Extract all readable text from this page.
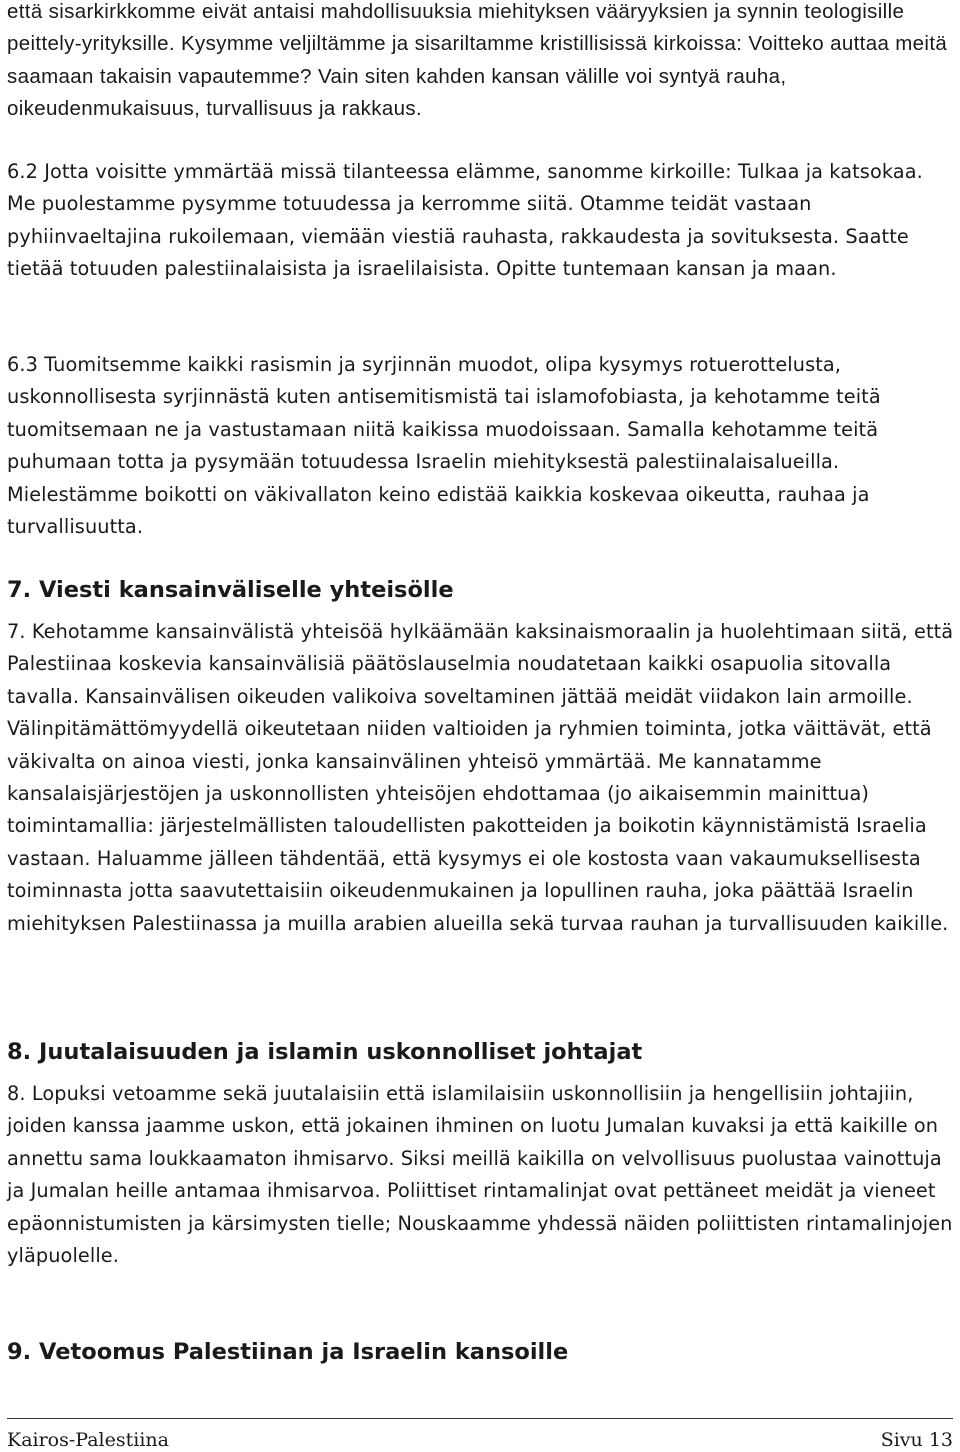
että sisarkirkkomme eivät antaisi mahdollisuuksia miehityksen vääryyksien ja synnin teologisille peittely-yrityksille. Kysymme veljiltämme ja sisariltamme kristillisissä kirkoissa: Voitteko auttaa meitä saamaan takaisin vapautemme? Vain siten kahden kansan välille voi syntyä rauha, oikeudenmukaisuus, turvallisuus ja rakkaus.

6.2 Jotta voisitte ymmärtää missä tilanteessa elämme, sanomme kirkoille: Tulkaa ja katsokaa. Me puolestamme pysymme totuudessa ja kerromme siitä. Otamme teidät vastaan pyhiinvaeltajina rukoilemaan, viemään viestiä rauhasta, rakkaudesta ja sovituksesta. Saatte tietää totuuden palestiinalaisista ja israelilaisista. Opitte tuntemaan kansan ja maan.

6.3 Tuomitsemme kaikki rasismin ja syrjinnän muodot, olipa kysymys rotuerottelusta, uskonnollisesta syrjinnästä kuten antisemitismistä tai islamofobiasta, ja kehotamme teitä tuomitsemaan ne ja vastustamaan niitä kaikissa muodoissaan. Samalla kehotamme teitä puhumaan totta ja pysymään totuudessa Israelin miehityksestä palestiinalaisalueilla. Mielestämme boikotti on väkivallaton keino edistää kaikkia koskevaa oikeutta, rauhaa ja turvallisuutta.

7. Viesti kansainväliselle yhteisölle

7. Kehotamme kansainvälistä yhteisöä hylkäämään kaksinaismoraalin ja huolehtimaan siitä, että Palestiinaa koskevia kansainvälisiä päätöslauselmia noudatetaan kaikki osapuolia sitovalla tavalla. Kansainvälisen oikeuden valikoiva soveltaminen jättää meidät viidakon lain armoille. Välinpitämättömyydellä oikeutetaan niiden valtioiden ja ryhmien toiminta, jotka väittävät, että väkivalta on ainoa viesti, jonka kansainvälinen yhteisö ymmärtää. Me kannatamme kansalaisjärjestöjen ja uskonnollisten yhteisöjen ehdottamaa (jo aikaisemmin mainittua) toimintamallia: järjestelmällisten taloudellisten pakotteiden ja boikotin käynnistämistä Israelia vastaan. Haluamme jälleen tähdentää, että kysymys ei ole kostosta vaan vakaumuksellisesta toiminnasta jotta saavutettaisiin oikeudenmukainen ja lopullinen rauha, joka päättää Israelin miehityksen Palestiinassa ja muilla arabien alueilla sekä turvaa rauhan ja turvallisuuden kaikille.

8. Juutalaisuuden ja islamin uskonnolliset johtajat

8. Lopuksi vetoamme sekä juutalaisiin että islamilaisiin uskonnollisiin ja hengellisiin johtajiin, joiden kanssa jaamme uskon, että jokainen ihminen on luotu Jumalan kuvaksi ja että kaikille on annettu sama loukkaamaton ihmisarvo. Siksi meillä kaikilla on velvollisuus puolustaa vainottuja ja Jumalan heille antamaa ihmisarvoa. Poliittiset rintamalinjat ovat pettäneet meidät ja vieneet epäonnistumisten ja kärsimysten tielle; Nouskaamme yhdessä näiden poliittisten rintamalinjojen yläpuolelle.

9. Vetoomus Palestiinan ja Israelin kansoille
Kairos-Palestiina	Sivu 13
